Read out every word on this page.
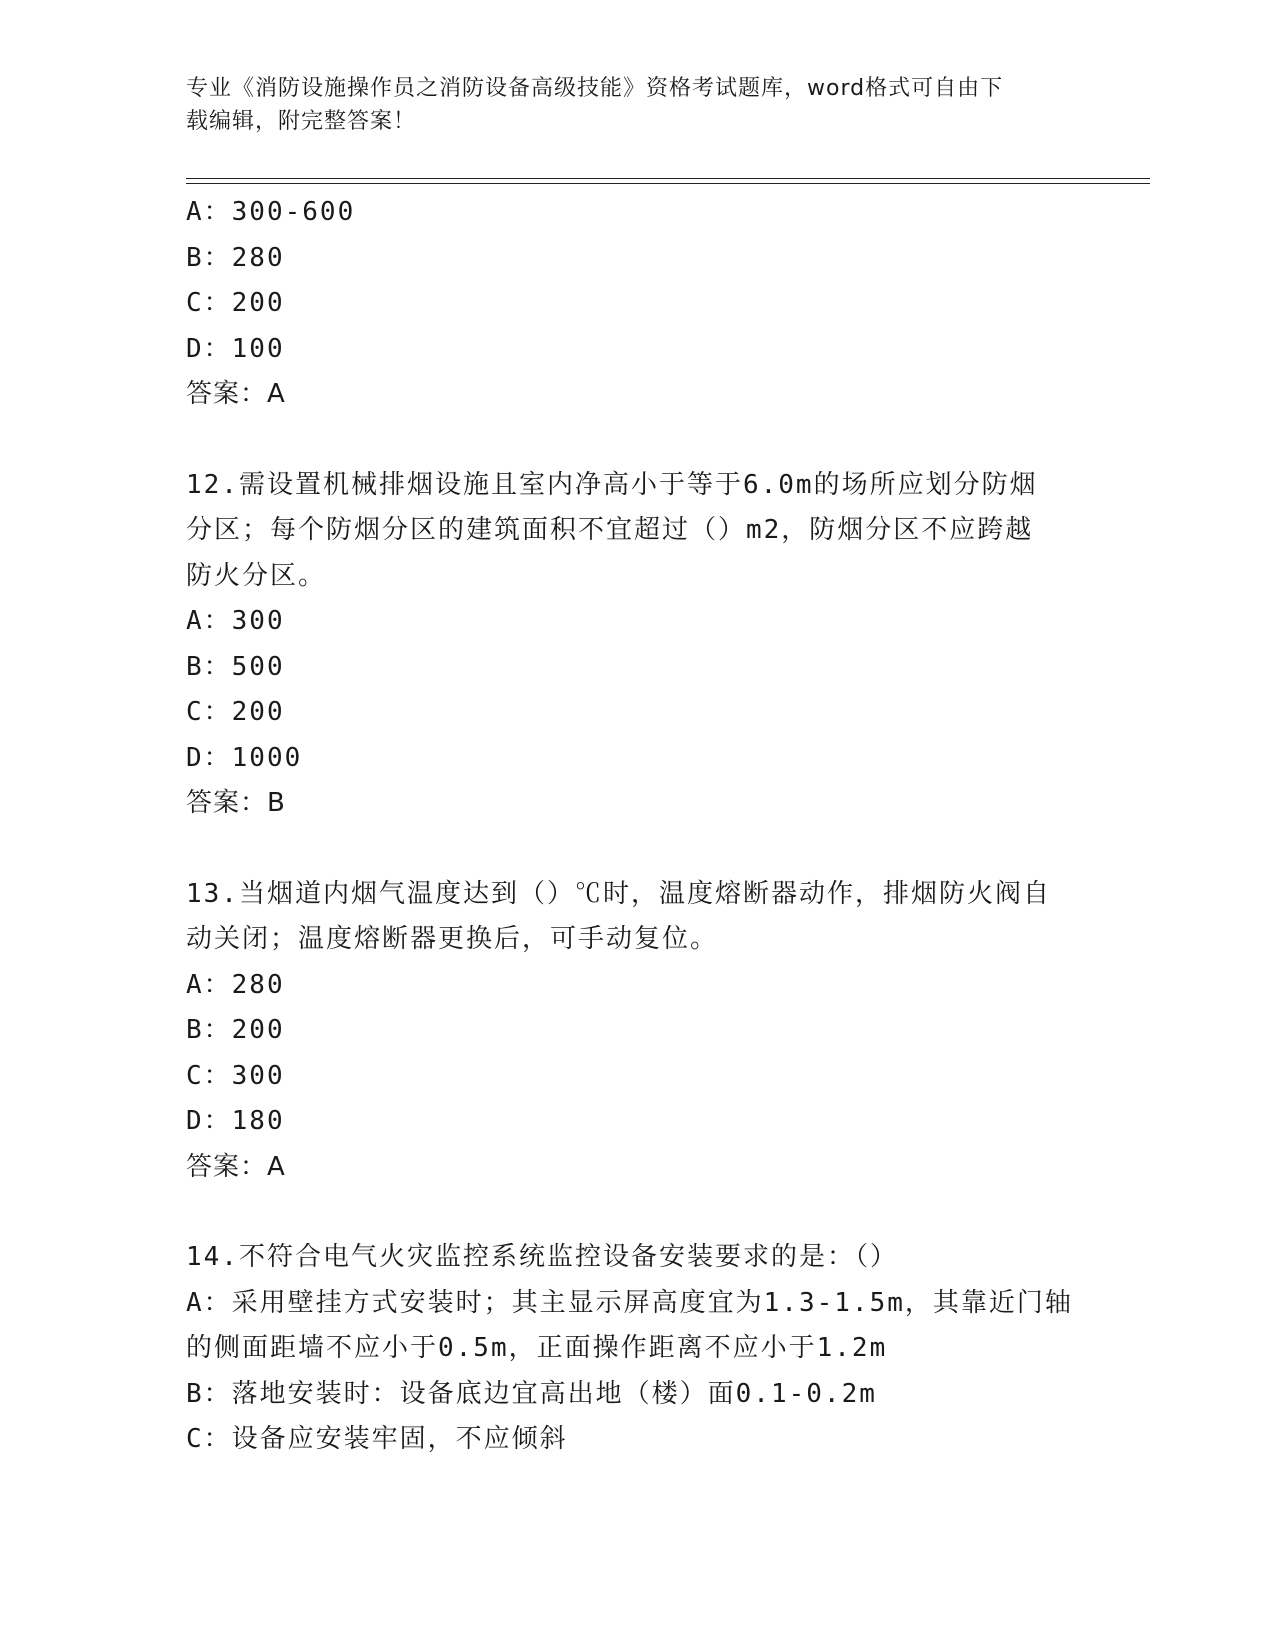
专业《消防设施操作员之消防设备高级技能》资格考试题库，word格式可自由下
载编辑，附完整答案！
A：300-600
B：280
C：200
D：100
答案：A
12.需设置机械排烟设施且室内净高小于等于6.0m的场所应划分防烟
分区；每个防烟分区的建筑面积不宜超过（）m2，防烟分区不应跨越
防火分区。
A：300
B：500
C：200
D：1000
答案：B
13.当烟道内烟气温度达到（）℃时，温度熔断器动作，排烟防火阀自
动关闭；温度熔断器更换后，可手动复位。
A：280
B：200
C：300
D：180
答案：A
14.不符合电气火灾监控系统监控设备安装要求的是：（）
A：采用壁挂方式安装时；其主显示屏高度宜为1.3-1.5m，其靠近门轴
的侧面距墙不应小于0.5m，正面操作距离不应小于1.2m
B：落地安装时：设备底边宜高出地（楼）面0.1-0.2m
C：设备应安装牢固，不应倾斜
